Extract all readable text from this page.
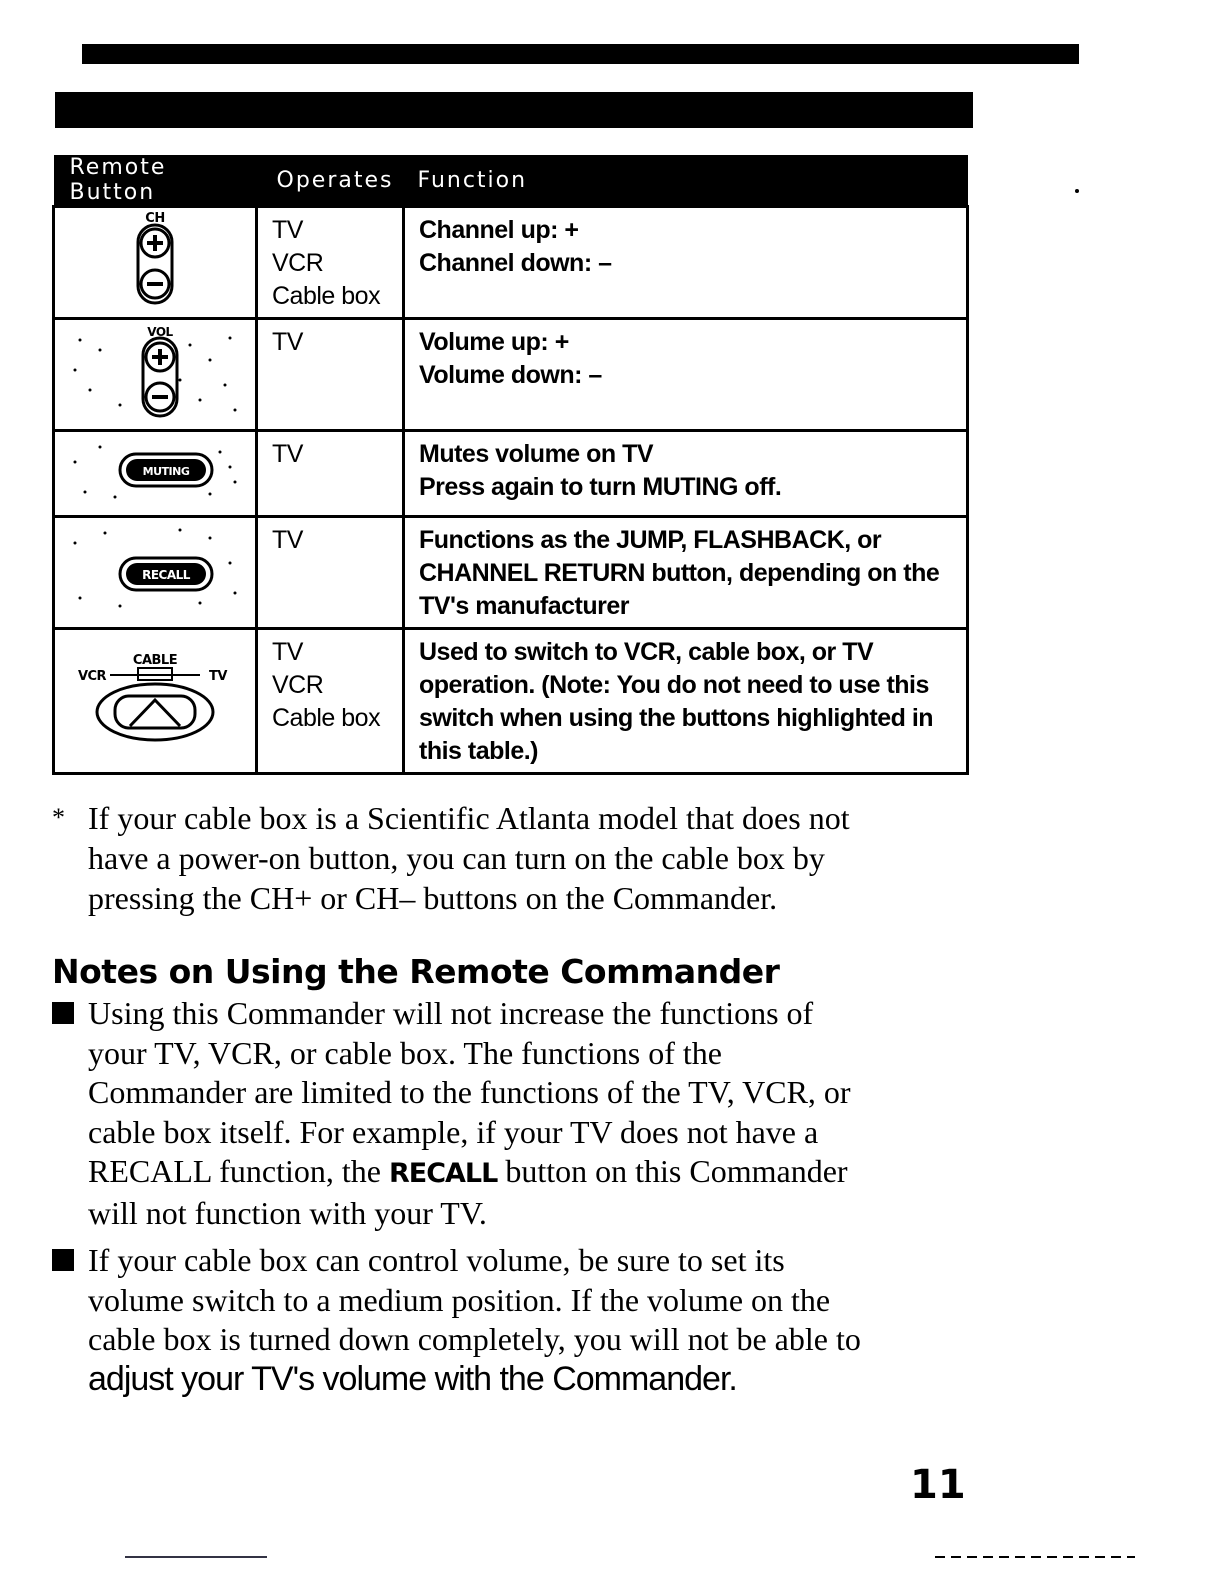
Remote Button	Operates	Function

CH	TV
VCR
Cable box	Channel up: +
Channel down: –

VOL	TV	Volume up: +
Volume down: –

MUTING	TV	Mutes volume on TV
Press again to turn MUTING off.

RECALL	TV	Functions as the JUMP, FLASHBACK, or
CHANNEL RETURN button, depending on the
TV's manufacturer

CABLE
VCR TV	TV
VCR
Cable box	Used to switch to VCR, cable box, or TV
operation. (Note: You do not need to use this
switch when using the buttons highlighted in
this table.)
* If your cable box is a Scientific Atlanta model that does not
have a power-on button, you can turn on the cable box by
pressing the CH+ or CH– buttons on the Commander.
Notes on Using the Remote Commander
Using this Commander will not increase the functions of
your TV, VCR, or cable box. The functions of the
Commander are limited to the functions of the TV, VCR, or
cable box itself. For example, if your TV does not have a
RECALL function, the RECALL button on this Commander
will not function with your TV.
If your cable box can control volume, be sure to set its
volume switch to a medium position. If the volume on the
cable box is turned down completely, you will not be able to
adjust your TV's volume with the Commander.
11
